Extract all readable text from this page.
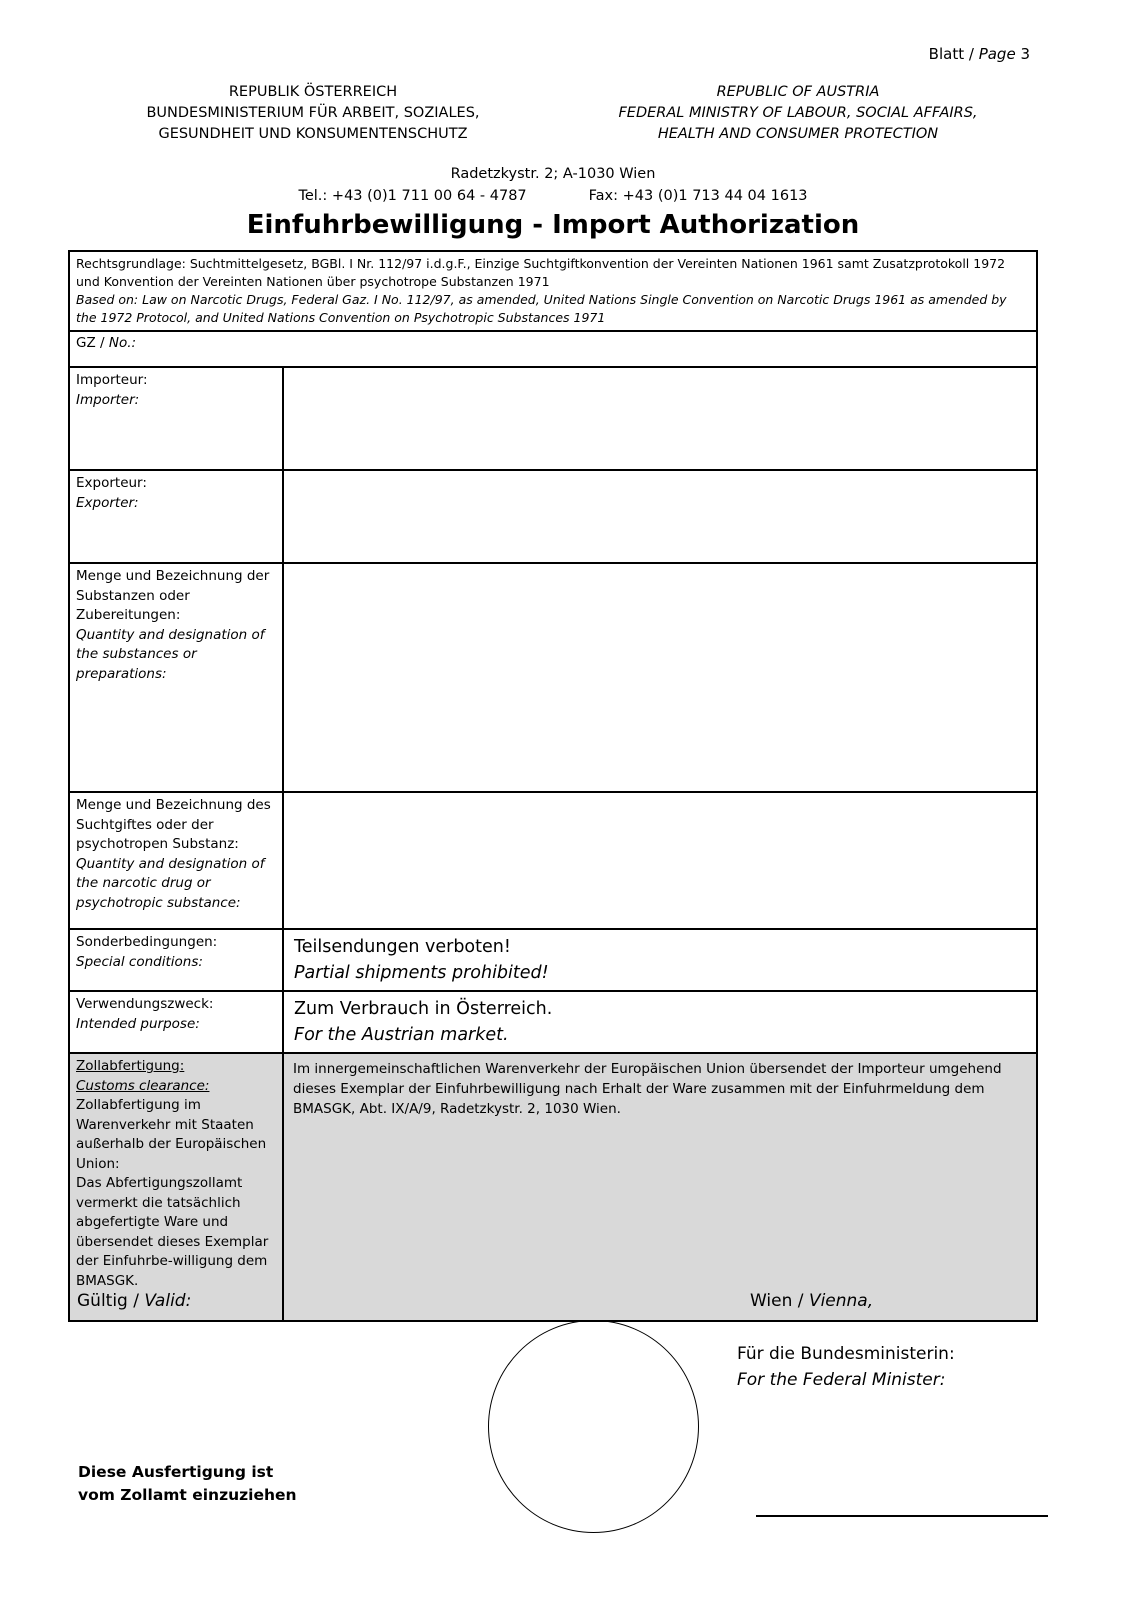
Blatt / Page 3
REPUBLIK ÖSTERREICH
BUNDESMINISTERIUM FÜR ARBEIT, SOZIALES,
GESUNDHEIT UND KONSUMENTENSCHUTZ
REPUBLIC OF AUSTRIA
FEDERAL MINISTRY OF LABOUR, SOCIAL AFFAIRS,
HEALTH AND CONSUMER PROTECTION
Radetzkystr. 2; A-1030 Wien
Tel.: +43 (0)1 711 00 64 - 4787	Fax: +43 (0)1 713 44 04 1613
Einfuhrbewilligung - Import Authorization
Rechtsgrundlage: Suchtmittelgesetz, BGBl. I Nr. 112/97 i.d.g.F., Einzige Suchtgiftkonvention der Vereinten Nationen 1961 samt Zusatzprotokoll 1972 und Konvention der Vereinten Nationen über psychotrope Substanzen 1971
Based on: Law on Narcotic Drugs, Federal Gaz. I No. 112/97, as amended, United Nations Single Convention on Narcotic Drugs 1961 as amended by the 1972 Protocol, and United Nations Convention on Psychotropic Substances 1971	

GZ / No.:	

Importeur:
Importer:	

Exporteur:
Exporter:	

Menge und Bezeichnung der Substanzen oder Zubereitungen:
Quantity and designation of the substances or preparations:	

Menge und Bezeichnung des Suchtgiftes oder der psychotropen Substanz:
Quantity and designation of the narcotic drug or psychotropic substance:	

Sonderbedingungen:
Special conditions:

Teilsendungen verboten!
Partial shipments prohibited!

Verwendungszweck:
Intended purpose:

Zum Verbrauch in Österreich.
For the Austrian market.

Zollabfertigung:
Customs clearance:
Zollabfertigung im Warenverkehr mit Staaten außerhalb der Europäischen Union:
Das Abfertigungszollamt vermerkt die tatsächlich abgefertigte Ware und übersendet dieses Exemplar der Einfuhrbe-willigung dem BMASGK.
	Im innergemeinschaftlichen Warenverkehr der Europäischen Union übersendet der Importeur umgehend dieses Exemplar der Einfuhrbewilligung nach Erhalt der Ware zusammen mit der Einfuhrmeldung dem BMASGK, Abt. IX/A/9, Radetzkystr. 2, 1030 Wien.
Gültig / Valid:	Wien / Vienna,
Für die Bundesministerin:
For the Federal Minister:
Diese Ausfertigung ist
vom Zollamt einzuziehen
